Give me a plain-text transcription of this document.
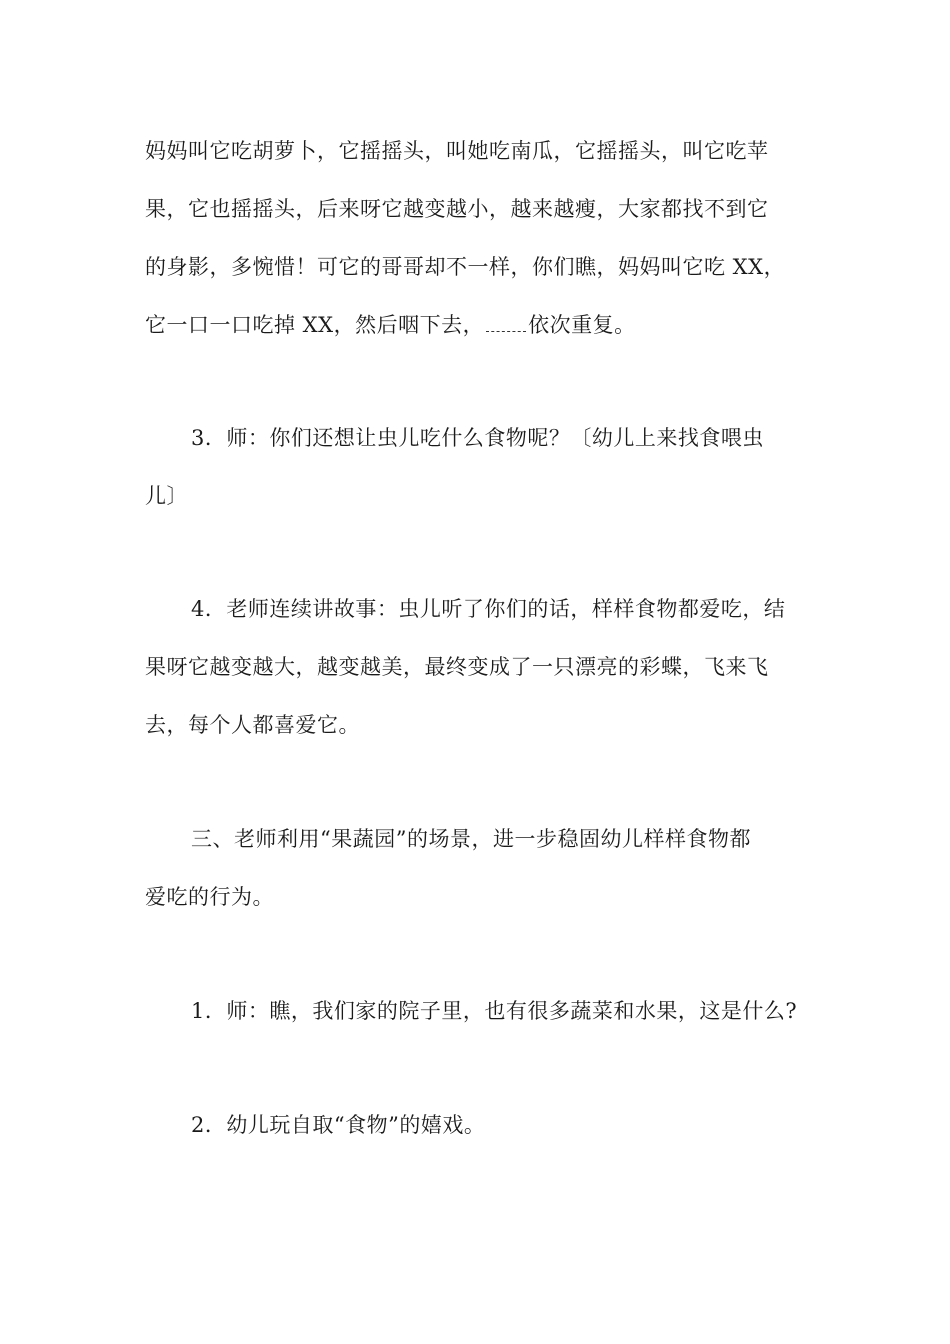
妈妈叫它吃胡萝卜，它摇摇头，叫她吃南瓜，它摇摇头，叫它吃苹
果，它也摇摇头，后来呀它越变越小，越来越瘦，大家都找不到它
的身影，多惋惜！可它的哥哥却不一样，你们瞧，妈妈叫它吃 XX，
它一口一口吃掉 XX，然后咽下去， 依次重复。
3．师：你们还想让虫儿吃什么食物呢？〔幼儿上来找食喂虫
儿〕
4．老师连续讲故事：虫儿听了你们的话，样样食物都爱吃，结
果呀它越变越大，越变越美，最终变成了一只漂亮的彩蝶，飞来飞
去，每个人都喜爱它。
三、老师利用“果蔬园”的场景，进一步稳固幼儿样样食物都
爱吃的行为。
1．师：瞧，我们家的院子里，也有很多蔬菜和水果，这是什么?
2．幼儿玩自取“食物”的嬉戏。
